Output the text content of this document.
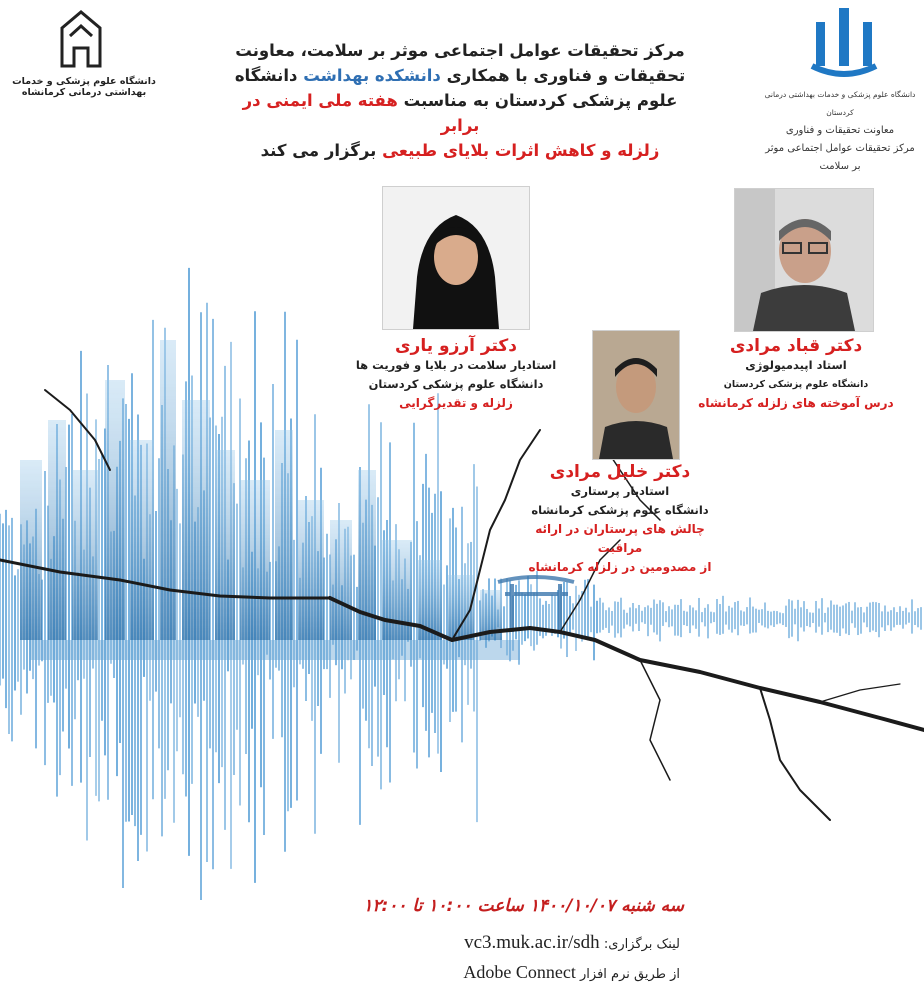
دانشگاه علوم پزشکی و خدمات بهداشتی درمانی کرمانشاه	دانشگاه علوم پزشکی و خدمات بهداشتی درمانی کردستان
معاونت تحقیقات و فناوری
مرکز تحقیقات عوامل اجتماعی موثر بر سلامت
مرکز تحقیقات عوامل اجتماعی موثر بر سلامت، معاونت
تحقیقات و فناوری با همکاری دانشکده بهداشت دانشگاه
علوم پزشکی کردستان به مناسبت هفته ملی ایمنی در برابر
زلزله و کاهش اثرات بلایای طبیعی برگزار می کند
دکتر آرزو یاری
استادیار سلامت در بلایا و فوریت ها
دانشگاه علوم پزشکی کردستان
زلزله و تقدیرگرایی
دکتر قباد مرادی
استاد اپیدمیولوژی
دانشگاه علوم پزشکی کردستان
درس آموخته های زلزله کرمانشاه
دکتر خلیل مرادی
استادیار پرستاری
دانشگاه علوم پزشکی کرمانشاه
چالش های پرستاران در ارائه مراقبت
از مصدومین در زلزله کرمانشاه
سه شنبه ۱۴۰۰/۱۰/۰۷ ساعت ۱۰:۰۰ تا ۱۲:۰۰
لینک برگزاری: vc3.muk.ac.ir/sdh
از طریق نرم افزار Adobe Connect
